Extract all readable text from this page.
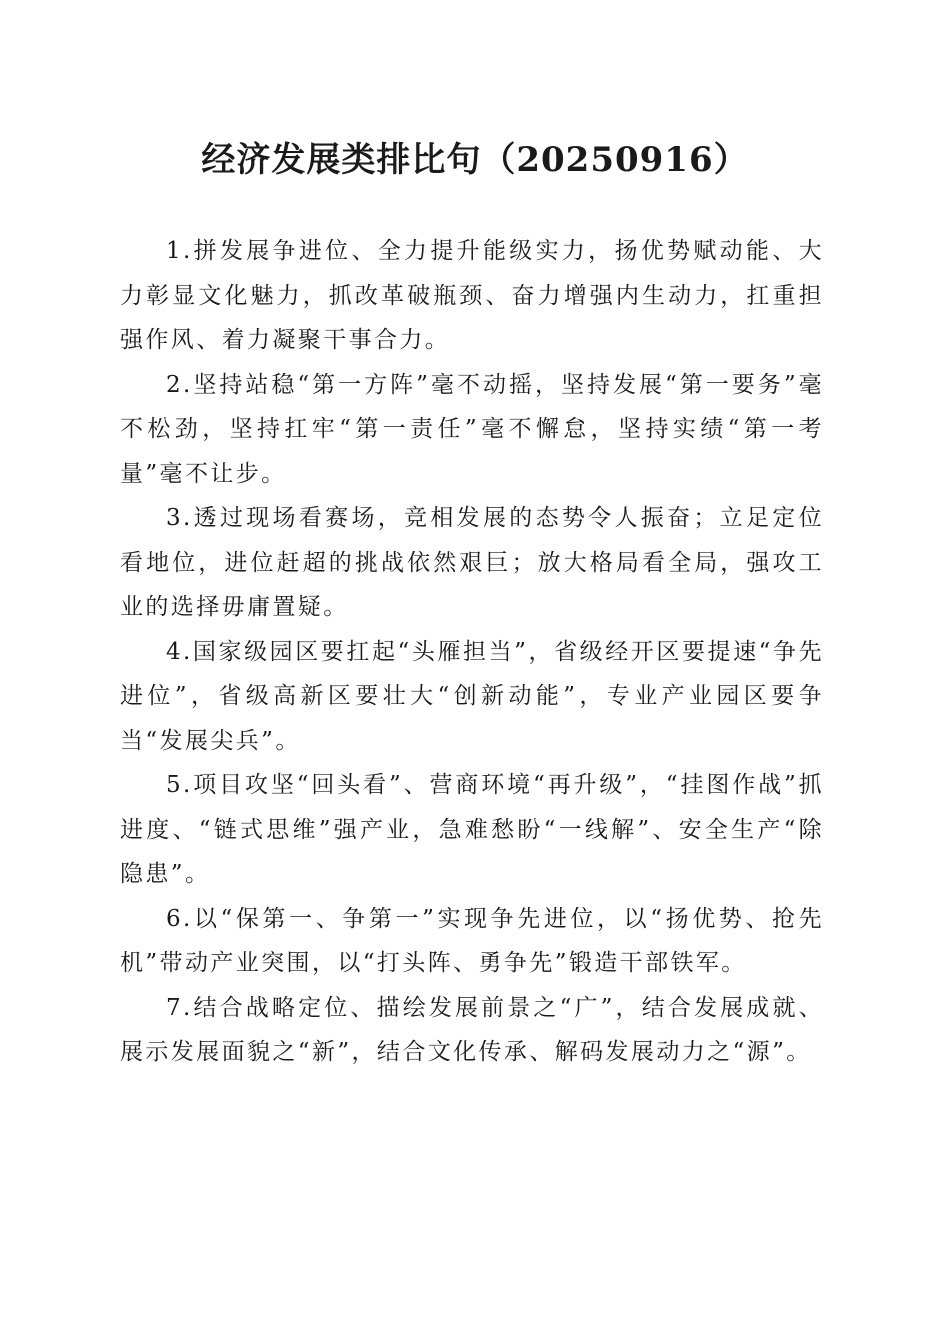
经济发展类排比句（20250916）

1.拼发展争进位、全力提升能级实力，扬优势赋动能、大力彰显文化魅力，抓改革破瓶颈、奋力增强内生动力，扛重担强作风、着力凝聚干事合力。

2.坚持站稳“第一方阵”毫不动摇，坚持发展“第一要务”毫不松劲，坚持扛牢“第一责任”毫不懈怠，坚持实绩“第一考量”毫不让步。

3.透过现场看赛场，竞相发展的态势令人振奋；立足定位看地位，进位赶超的挑战依然艰巨；放大格局看全局，强攻工业的选择毋庸置疑。

4.国家级园区要扛起“头雁担当”，省级经开区要提速“争先进位”，省级高新区要壮大“创新动能”，专业产业园区要争当“发展尖兵”。

5.项目攻坚“回头看”、营商环境“再升级”，“挂图作战”抓进度、“链式思维”强产业，急难愁盼“一线解”、安全生产“除隐患”。

6.以“保第一、争第一”实现争先进位，以“扬优势、抢先机”带动产业突围，以“打头阵、勇争先”锻造干部铁军。

7.结合战略定位、描绘发展前景之“广”，结合发展成就、展示发展面貌之“新”，结合文化传承、解码发展动力之“源”。
